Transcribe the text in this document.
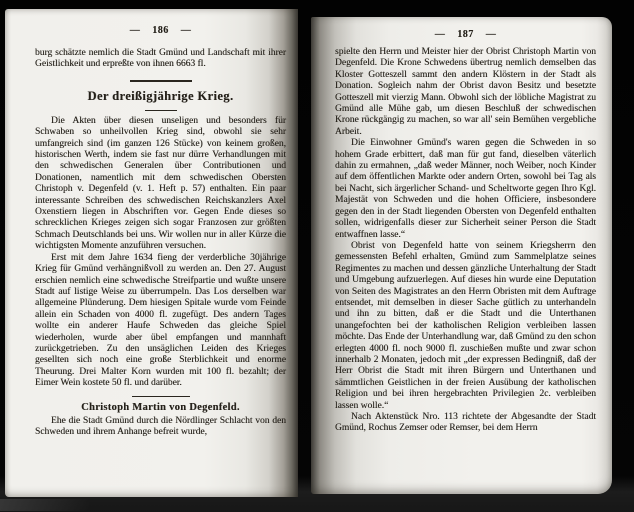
— 186 —

burg schätzte nemlich die Stadt Gmünd und Landschaft mit ihrer Geistlichkeit und erpreßte von ihnen 6663 fl.

Der dreißigjährige Krieg.

Die Akten über diesen unseligen und besonders für Schwaben so unheilvollen Krieg sind, obwohl sie sehr umfangreich sind (im ganzen 126 Stücke) von keinem großen, historischen Werth, indem sie fast nur dürre Verhandlungen mit den schwedischen Generalen über Contributionen und Donationen, namentlich mit dem schwedischen Obersten Christoph v. Degenfeld (v. 1. Heft p. 57) enthalten. Ein paar interessante Schreiben des schwedischen Reichskanzlers Axel Oxenstiern liegen in Abschriften vor. Gegen Ende dieses so schrecklichen Krieges zeigen sich sogar Franzosen zur größten Schmach Deutschlands bei uns. Wir wollen nur in aller Kürze die wichtigsten Momente anzuführen versuchen.

Erst mit dem Jahre 1634 fieng der verderbliche 30jährige Krieg für Gmünd verhängnißvoll zu werden an. Den 27. August erschien nemlich eine schwedische Streifpartie und wußte unsere Stadt auf listige Weise zu überrumpeln. Das Los derselben war allgemeine Plünderung. Dem hiesigen Spitale wurde vom Feinde allein ein Schaden von 4000 fl. zugefügt. Des andern Tages wollte ein anderer Haufe Schweden das gleiche Spiel wiederholen, wurde aber übel empfangen und mannhaft zurückgetrieben. Zu den unsäglichen Leiden des Krieges gesellten sich noch eine große Sterblichkeit und enorme Theurung. Drei Malter Korn wurden mit 100 fl. bezahlt; der Eimer Wein kostete 50 fl. und darüber.

Christoph Martin von Degenfeld.

Ehe die Stadt Gmünd durch die Nördlinger Schlacht von den Schweden und ihrem Anhange befreit wurde,

— 187 —

spielte den Herrn und Meister hier der Obrist Christoph Martin von Degenfeld. Die Krone Schwedens übertrug nemlich demselben das Kloster Gotteszell sammt den andern Klöstern in der Stadt als Donation. Sogleich nahm der Obrist davon Besitz und besetzte Gotteszell mit vierzig Mann. Obwohl sich der löbliche Magistrat zu Gmünd alle Mühe gab, um diesen Beschluß der schwedischen Krone rückgängig zu machen, so war all' sein Bemühen vergebliche Arbeit.

Die Einwohner Gmünd's waren gegen die Schweden in so hohem Grade erbittert, daß man für gut fand, dieselben väterlich dahin zu ermahnen, „daß weder Männer, noch Weiber, noch Kinder auf dem öffentlichen Markte oder andern Orten, sowohl bei Tag als bei Nacht, sich ärgerlicher Schand- und Scheltworte gegen Ihro Kgl. Majestät von Schweden und die hohen Officiere, insbesondere gegen den in der Stadt liegenden Obersten von Degenfeld enthalten sollen, widrigenfalls dieser zur Sicherheit seiner Person die Stadt entwaffnen lasse.“

Obrist von Degenfeld hatte von seinem Kriegsherrn den gemessensten Befehl erhalten, Gmünd zum Sammelplatze seines Regimentes zu machen und dessen gänzliche Unterhaltung der Stadt und Umgebung aufzuerlegen. Auf dieses hin wurde eine Deputation von Seiten des Magistrates an den Herrn Obristen mit dem Auftrage entsendet, mit demselben in dieser Sache gütlich zu unterhandeln und ihn zu bitten, daß er die Stadt und die Unterthanen unangefochten bei der katholischen Religion verbleiben lassen möchte. Das Ende der Unterhandlung war, daß Gmünd zu den schon erlegten 4000 fl. noch 9000 fl. zuschießen mußte und zwar schon innerhalb 2 Monaten, jedoch mit „der expressen Bedingniß, daß der Herr Obrist die Stadt mit ihren Bürgern und Unterthanen und sämmtlichen Geistlichen in der freien Ausübung der katholischen Religion und bei ihren hergebrachten Privilegien 2c. verbleiben lassen wolle.“

Nach Aktenstück Nro. 113 richtete der Abgesandte der Stadt Gmünd, Rochus Zemser oder Remser, bei dem Herrn
